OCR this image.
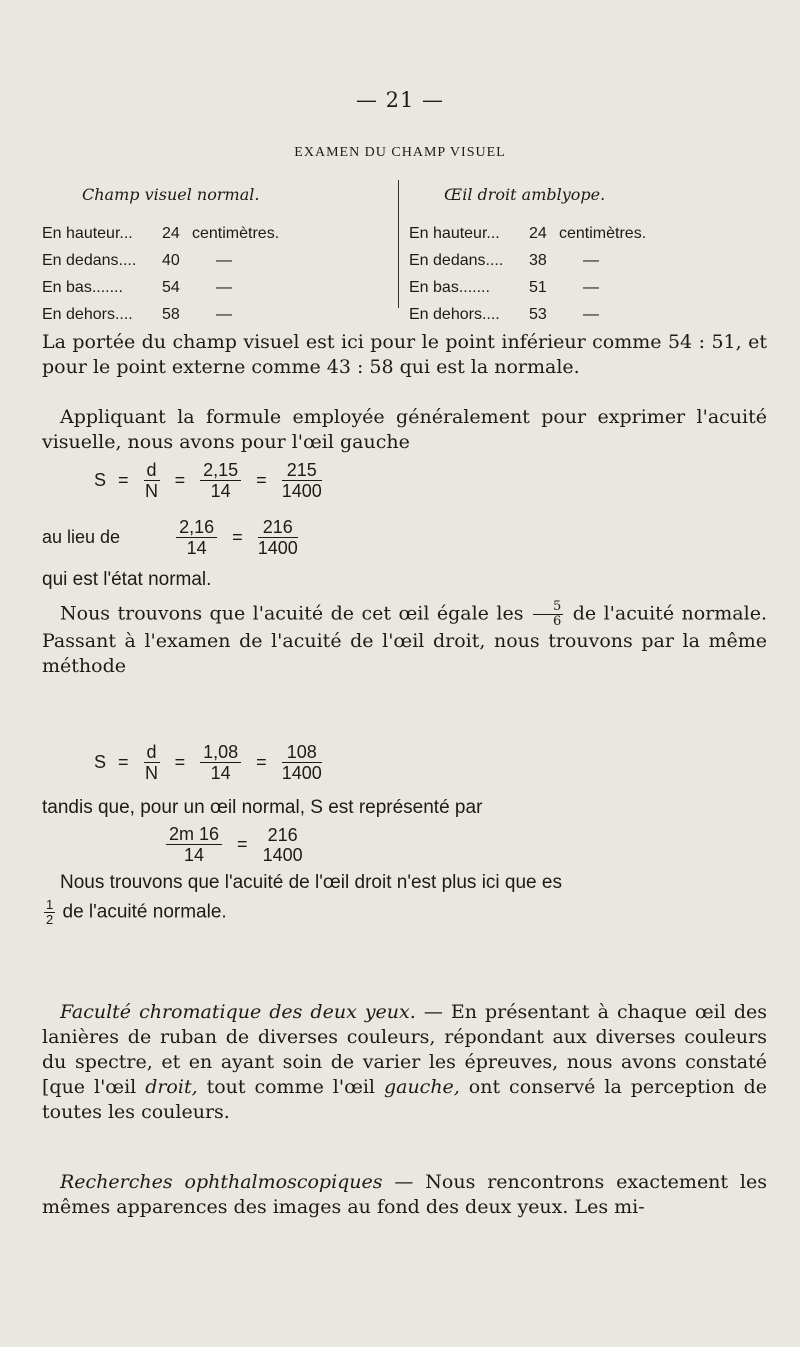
— 21 —
EXAMEN DU CHAMP VISUEL
Champ visuel normal.
En hauteur...	24 centimètres.
En dedans....	40	—
En bas.......	54	—
En dehors....	58	—
Œil droit amblyope.
En hauteur...	24 centimètres.
En dedans....	38	—
En bas.......	51	—
En dehors....	53	—

La portée du champ visuel est ici pour le point inférieur comme 54 : 51, et pour le point externe comme 43 : 58 qui est la normale.

Appliquant la formule employée généralement pour exprimer l'acuité visuelle, nous avons pour l'œil gauche

$S = \frac{d}{N} = \frac{2,15}{14} = \frac{215}{1400}$
au lieu de	$\frac{2,16}{14} = \frac{216}{1400}$

qui est l'état normal.

Nous trouvons que l'acuité de cet œil égale les $\frac{5}{6}$ de l'acuité normale. Passant à l'examen de l'acuité de l'œil droit, nous trouvons par la même méthode
$S = \frac{d}{N} = \frac{1,08}{14} = \frac{108}{1400}$

tandis que, pour un œil normal, S est représenté par

$\frac{2m 16}{14} = 216$
1400

Nous trouvons que l'acuité de l'œil droit n'est plus ici que es

$\frac{1}{2}$ de l'acuité normale.

Faculté chromatique des deux yeux. — En présentant à chaque œil des lanières de ruban de diverses couleurs, répondant aux diverses couleurs du spectre, et en ayant soin de varier les épreuves, nous avons constaté [que l'œil droit, tout comme l'œil gauche, ont conservé la perception de toutes les couleurs.

Recherches ophthalmoscopiques — Nous rencontrons exactement les mêmes apparences des images au fond des deux yeux. Les mi-
